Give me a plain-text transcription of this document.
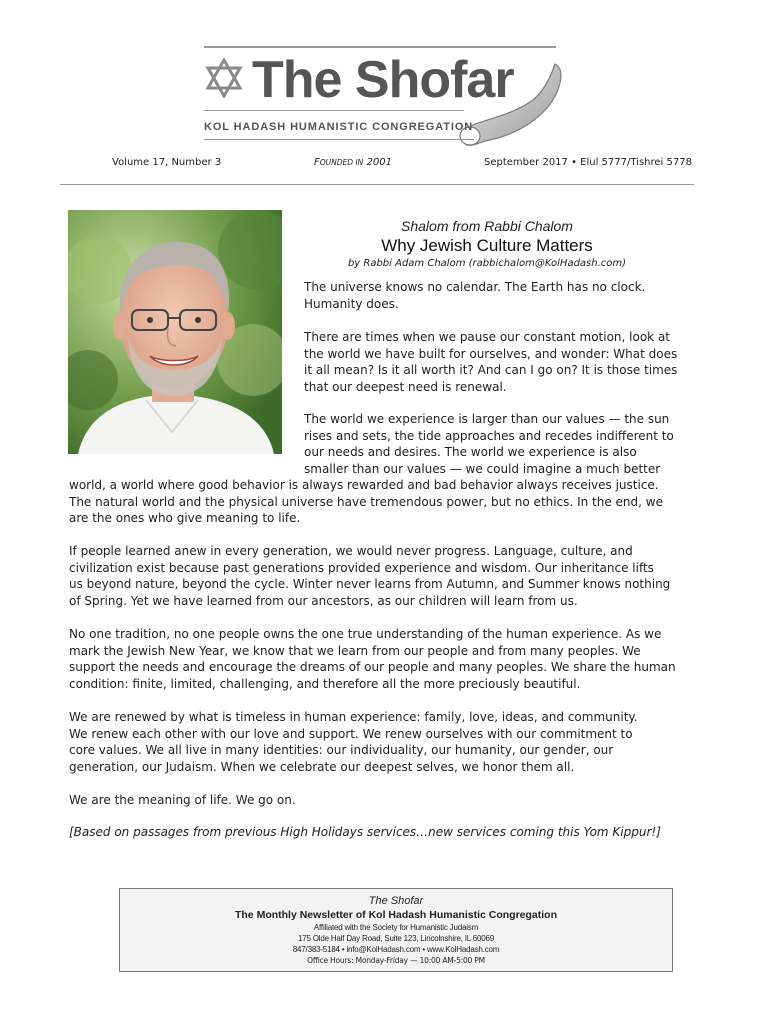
The Shofar
KOL HADASH HUMANISTIC CONGREGATION
Volume 17, Number 3	FOUNDED IN 2001	September 2017 • Elul 5777/Tishrei 5778
Shalom from Rabbi Chalom
Why Jewish Culture Matters
by Rabbi Adam Chalom (rabbichalom@KolHadash.com)

The universe knows no calendar. The Earth has no clock.
Humanity does.

There are times when we pause our constant motion, look at
the world we have built for ourselves, and wonder: What does
it all mean? Is it all worth it? And can I go on? It is those times
that our deepest need is renewal.

The world we experience is larger than our values — the sun
rises and sets, the tide approaches and recedes indifferent to
our needs and desires. The world we experience is also
smaller than our values — we could imagine a much better

world, a world where good behavior is always rewarded and bad behavior always receives justice.
The natural world and the physical universe have tremendous power, but no ethics. In the end, we
are the ones who give meaning to life.

If people learned anew in every generation, we would never progress. Language, culture, and
civilization exist because past generations provided experience and wisdom. Our inheritance lifts
us beyond nature, beyond the cycle. Winter never learns from Autumn, and Summer knows nothing
of Spring. Yet we have learned from our ancestors, as our children will learn from us.

No one tradition, no one people owns the one true understanding of the human experience. As we
mark the Jewish New Year, we know that we learn from our people and from many peoples. We
support the needs and encourage the dreams of our people and many peoples. We share the human
condition: finite, limited, challenging, and therefore all the more preciously beautiful.

We are renewed by what is timeless in human experience: family, love, ideas, and community.
We renew each other with our love and support. We renew ourselves with our commitment to
core values. We all live in many identities: our individuality, our humanity, our gender, our
generation, our Judaism. When we celebrate our deepest selves, we honor them all.

We are the meaning of life. We go on.

[Based on passages from previous High Holidays services…new services coming this Yom Kippur!]

The Shofar
The Monthly Newsletter of Kol Hadash Humanistic Congregation
Affiliated with the Society for Humanistic Judaism
175 Olde Half Day Road, Suite 123, Lincolnshire, IL 60069
847/383-5184 • info@KolHadash.com • www.KolHadash.com
Office Hours: Monday-Friday — 10:00 AM-5:00 PM
